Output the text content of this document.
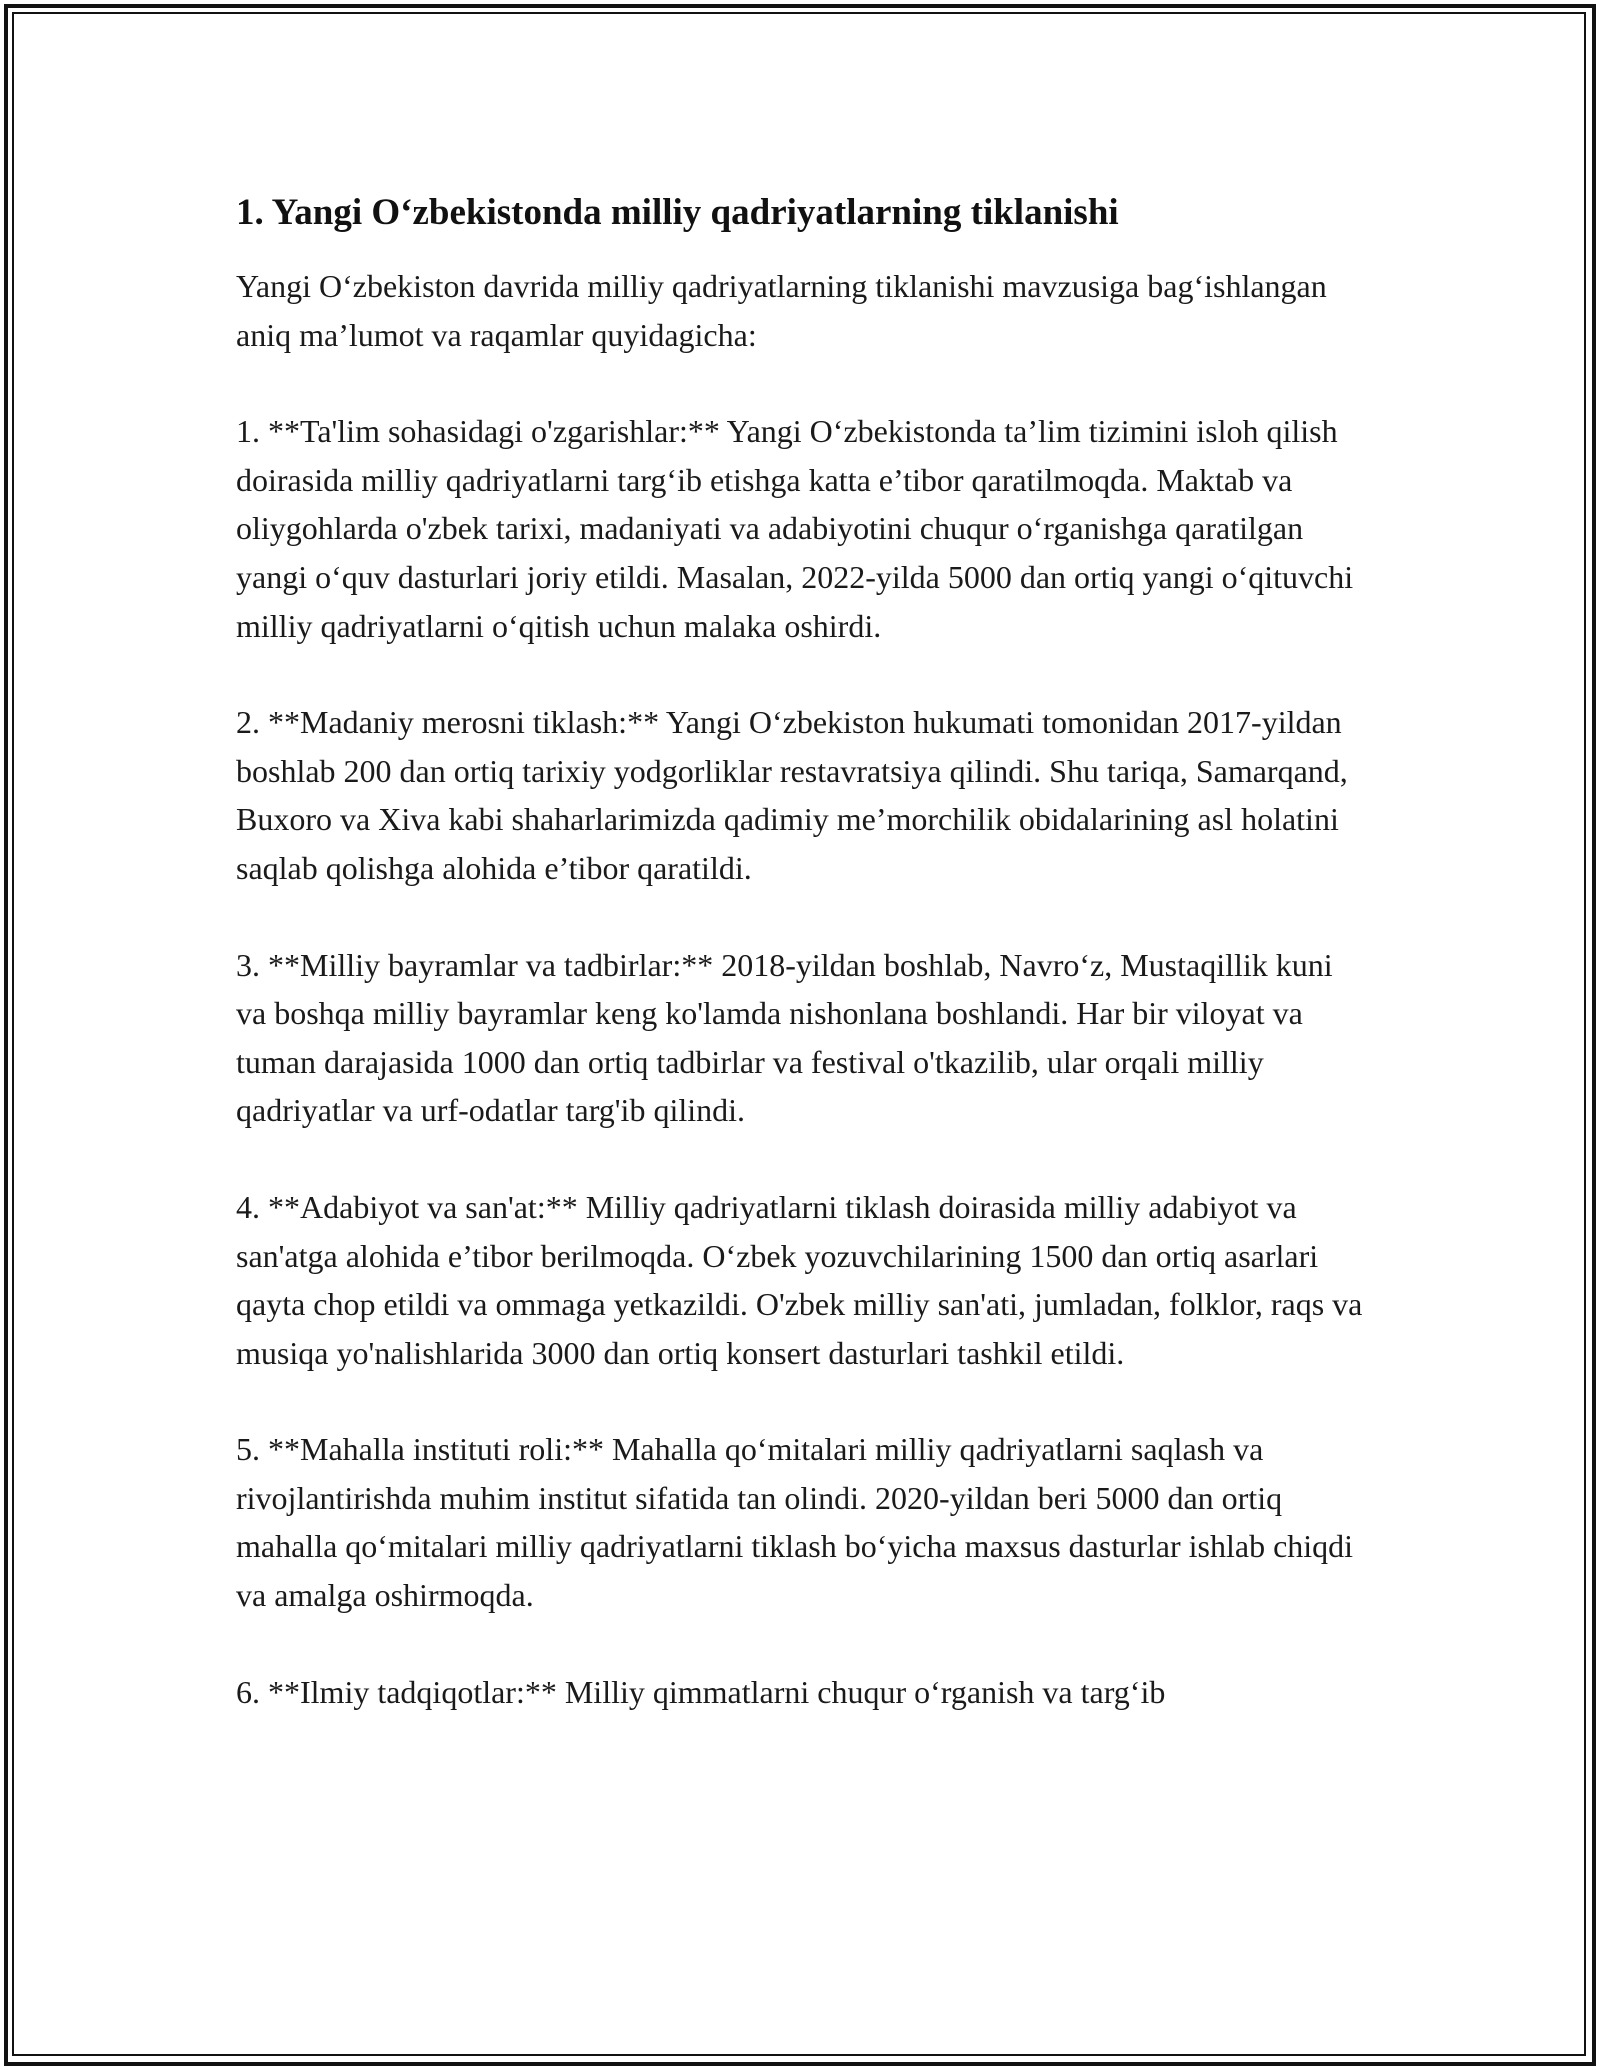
1. Yangi O‘zbekistonda milliy qadriyatlarning tiklanishi

Yangi O‘zbekiston davrida milliy qadriyatlarning tiklanishi mavzusiga bag‘ishlangan aniq ma’lumot va raqamlar quyidagicha:

1. **Ta'lim sohasidagi o'zgarishlar:** Yangi O‘zbekistonda ta’lim tizimini isloh qilish doirasida milliy qadriyatlarni targ‘ib etishga katta e’tibor qaratilmoqda. Maktab va oliygohlarda o'zbek tarixi, madaniyati va adabiyotini chuqur o‘rganishga qaratilgan yangi o‘quv dasturlari joriy etildi. Masalan, 2022-yilda 5000 dan ortiq yangi o‘qituvchi milliy qadriyatlarni o‘qitish uchun malaka oshirdi.

2. **Madaniy merosni tiklash:** Yangi O‘zbekiston hukumati tomonidan 2017-yildan boshlab 200 dan ortiq tarixiy yodgorliklar restavratsiya qilindi. Shu tariqa, Samarqand, Buxoro va Xiva kabi shaharlarimizda qadimiy me’morchilik obidalarining asl holatini saqlab qolishga alohida e’tibor qaratildi.

3. **Milliy bayramlar va tadbirlar:** 2018-yildan boshlab, Navro‘z, Mustaqillik kuni va boshqa milliy bayramlar keng ko'lamda nishonlana boshlandi. Har bir viloyat va tuman darajasida 1000 dan ortiq tadbirlar va festival o'tkazilib, ular orqali milliy qadriyatlar va urf-odatlar targ'ib qilindi.

4. **Adabiyot va san'at:** Milliy qadriyatlarni tiklash doirasida milliy adabiyot va san'atga alohida e’tibor berilmoqda. O‘zbek yozuvchilarining 1500 dan ortiq asarlari qayta chop etildi va ommaga yetkazildi. O'zbek milliy san'ati, jumladan, folklor, raqs va musiqa yo'nalishlarida 3000 dan ortiq konsert dasturlari tashkil etildi.

5. **Mahalla instituti roli:** Mahalla qo‘mitalari milliy qadriyatlarni saqlash va rivojlantirishda muhim institut sifatida tan olindi. 2020-yildan beri 5000 dan ortiq mahalla qo‘mitalari milliy qadriyatlarni tiklash bo‘yicha maxsus dasturlar ishlab chiqdi va amalga oshirmoqda.

6. **Ilmiy tadqiqotlar:** Milliy qimmatlarni chuqur o‘rganish va targ‘ib
